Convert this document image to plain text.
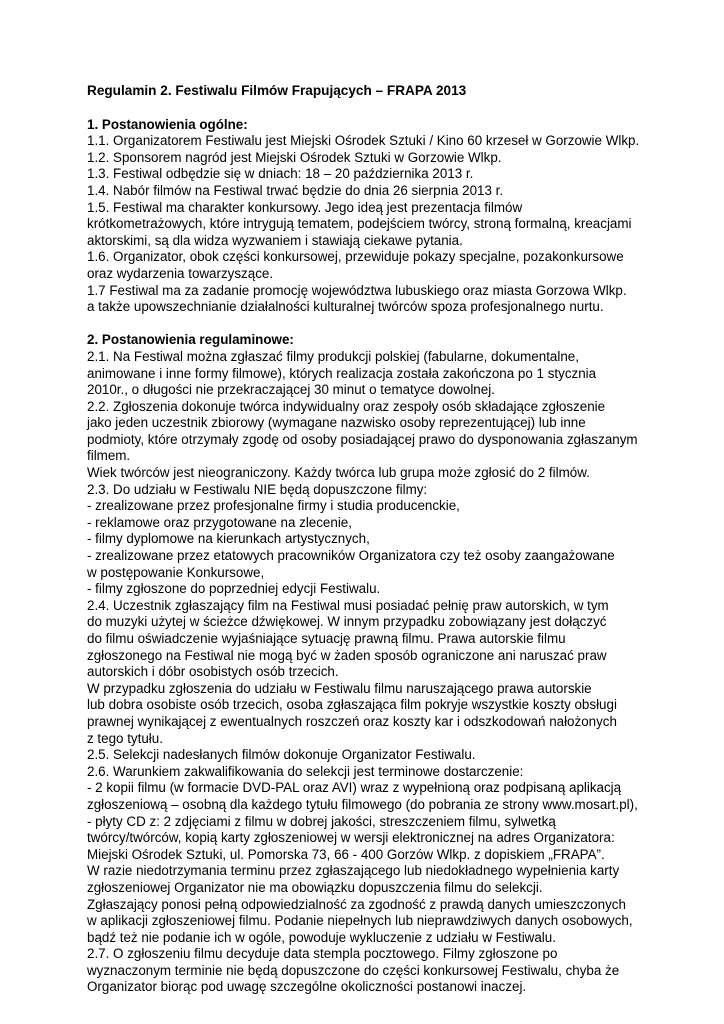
Regulamin 2. Festiwalu Filmów Frapujących – FRAPA 2013
1. Postanowienia ogólne:
1.1. Organizatorem Festiwalu jest Miejski Ośrodek Sztuki / Kino 60 krzeseł w Gorzowie Wlkp.
1.2. Sponsorem nagród jest Miejski Ośrodek Sztuki w Gorzowie Wlkp.
1.3. Festiwal odbędzie się w dniach: 18 – 20 października 2013 r.
1.4. Nabór filmów na Festiwal trwać będzie do dnia 26 sierpnia 2013 r.
1.5. Festiwal ma charakter konkursowy. Jego ideą jest prezentacja filmów
krótkometrażowych, które intrygują tematem, podejściem twórcy, stroną formalną, kreacjami
aktorskimi, są dla widza wyzwaniem i stawiają ciekawe pytania.
1.6. Organizator, obok części konkursowej, przewiduje pokazy specjalne, pozakonkursowe
oraz wydarzenia towarzyszące.
1.7 Festiwal ma za zadanie promocję województwa lubuskiego oraz miasta Gorzowa Wlkp.
a także upowszechnianie działalności kulturalnej twórców spoza profesjonalnego nurtu.
2. Postanowienia regulaminowe:
2.1. Na Festiwal można zgłaszać filmy produkcji polskiej (fabularne, dokumentalne,
animowane i inne formy filmowe), których realizacja została zakończona po 1 stycznia
2010r., o długości nie przekraczającej 30 minut o tematyce dowolnej.
2.2. Zgłoszenia dokonuje twórca indywidualny oraz zespoły osób składające zgłoszenie
jako jeden uczestnik zbiorowy (wymagane nazwisko osoby reprezentującej) lub inne
podmioty, które otrzymały zgodę od osoby posiadającej prawo do dysponowania zgłaszanym
filmem.
Wiek twórców jest nieograniczony. Każdy twórca lub grupa może zgłosić do 2 filmów.
2.3. Do udziału w Festiwalu NIE będą dopuszczone filmy:
- zrealizowane przez profesjonalne firmy i studia producenckie,
- reklamowe oraz przygotowane na zlecenie,
- filmy dyplomowe na kierunkach artystycznych,
- zrealizowane przez etatowych pracowników Organizatora czy też osoby zaangażowane
w postępowanie Konkursowe,
- filmy zgłoszone do poprzedniej edycji Festiwalu.
2.4. Uczestnik zgłaszający film na Festiwal musi posiadać pełnię praw autorskich, w tym
do muzyki użytej w ścieżce dźwiękowej. W innym przypadku zobowiązany jest dołączyć
do filmu oświadczenie wyjaśniające sytuację prawną filmu. Prawa autorskie filmu
zgłoszonego na Festiwal nie mogą być w żaden sposób ograniczone ani naruszać praw
autorskich i dóbr osobistych osób trzecich.
W przypadku zgłoszenia do udziału w Festiwalu filmu naruszającego prawa autorskie
lub dobra osobiste osób trzecich, osoba zgłaszająca film pokryje wszystkie koszty obsługi
prawnej wynikającej z ewentualnych roszczeń oraz koszty kar i odszkodowań nałożonych
z tego tytułu.
2.5. Selekcji nadesłanych filmów dokonuje Organizator Festiwalu.
2.6. Warunkiem zakwalifikowania do selekcji jest terminowe dostarczenie:
- 2 kopii filmu (w formacie DVD-PAL oraz AVI) wraz z wypełnioną oraz podpisaną aplikacją
zgłoszeniową – osobną dla każdego tytułu filmowego (do pobrania ze strony www.mosart.pl),
- płyty CD z: 2 zdjęciami z filmu w dobrej jakości, streszczeniem filmu, sylwetką
twórcy/twórców, kopią karty zgłoszeniowej w wersji elektronicznej na adres Organizatora:
Miejski Ośrodek Sztuki, ul. Pomorska 73, 66 - 400 Gorzów Wlkp. z dopiskiem „FRAPA”.
W razie niedotrzymania terminu przez zgłaszającego lub niedokładnego wypełnienia karty
zgłoszeniowej Organizator nie ma obowiązku dopuszczenia filmu do selekcji.
Zgłaszający ponosi pełną odpowiedzialność za zgodność z prawdą danych umieszczonych
w aplikacji zgłoszeniowej filmu. Podanie niepełnych lub nieprawdziwych danych osobowych,
bądź też nie podanie ich w ogóle, powoduje wykluczenie z udziału w Festiwalu.
2.7. O zgłoszeniu filmu decyduje data stempla pocztowego. Filmy zgłoszone po
wyznaczonym terminie nie będą dopuszczone do części konkursowej Festiwalu, chyba że
Organizator biorąc pod uwagę szczególne okoliczności postanowi inaczej.
